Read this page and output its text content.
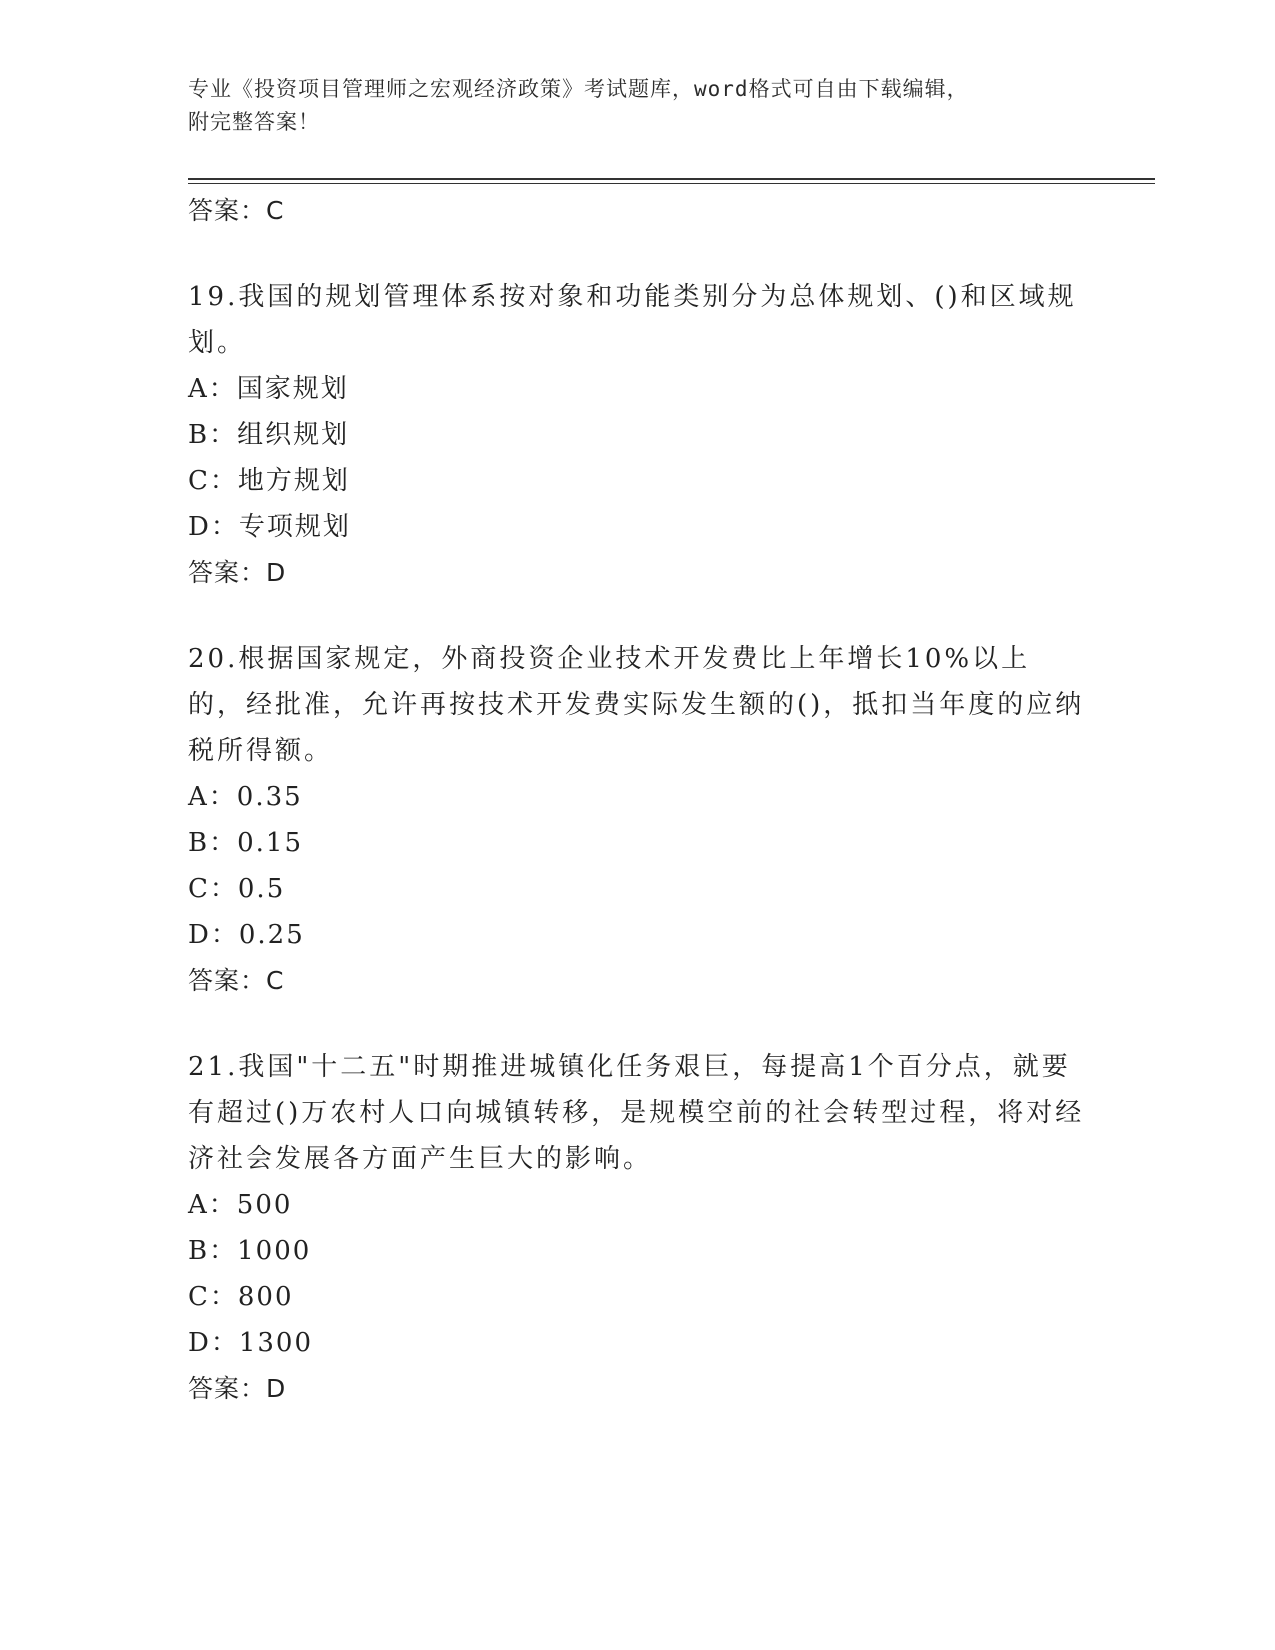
专业《投资项目管理师之宏观经济政策》考试题库，word格式可自由下载编辑，
附完整答案！
答案：C
19.我国的规划管理体系按对象和功能类别分为总体规划、()和区域规划。
A：国家规划
B：组织规划
C：地方规划
D：专项规划
答案：D
20.根据国家规定，外商投资企业技术开发费比上年增长10%以上的，经批准，允许再按技术开发费实际发生额的()，抵扣当年度的应纳税所得额。
A：0.35
B：0.15
C：0.5
D：0.25
答案：C
21.我国"十二五"时期推进城镇化任务艰巨，每提高1个百分点，就要有超过()万农村人口向城镇转移，是规模空前的社会转型过程，将对经济社会发展各方面产生巨大的影响。
A：500
B：1000
C：800
D：1300
答案：D
